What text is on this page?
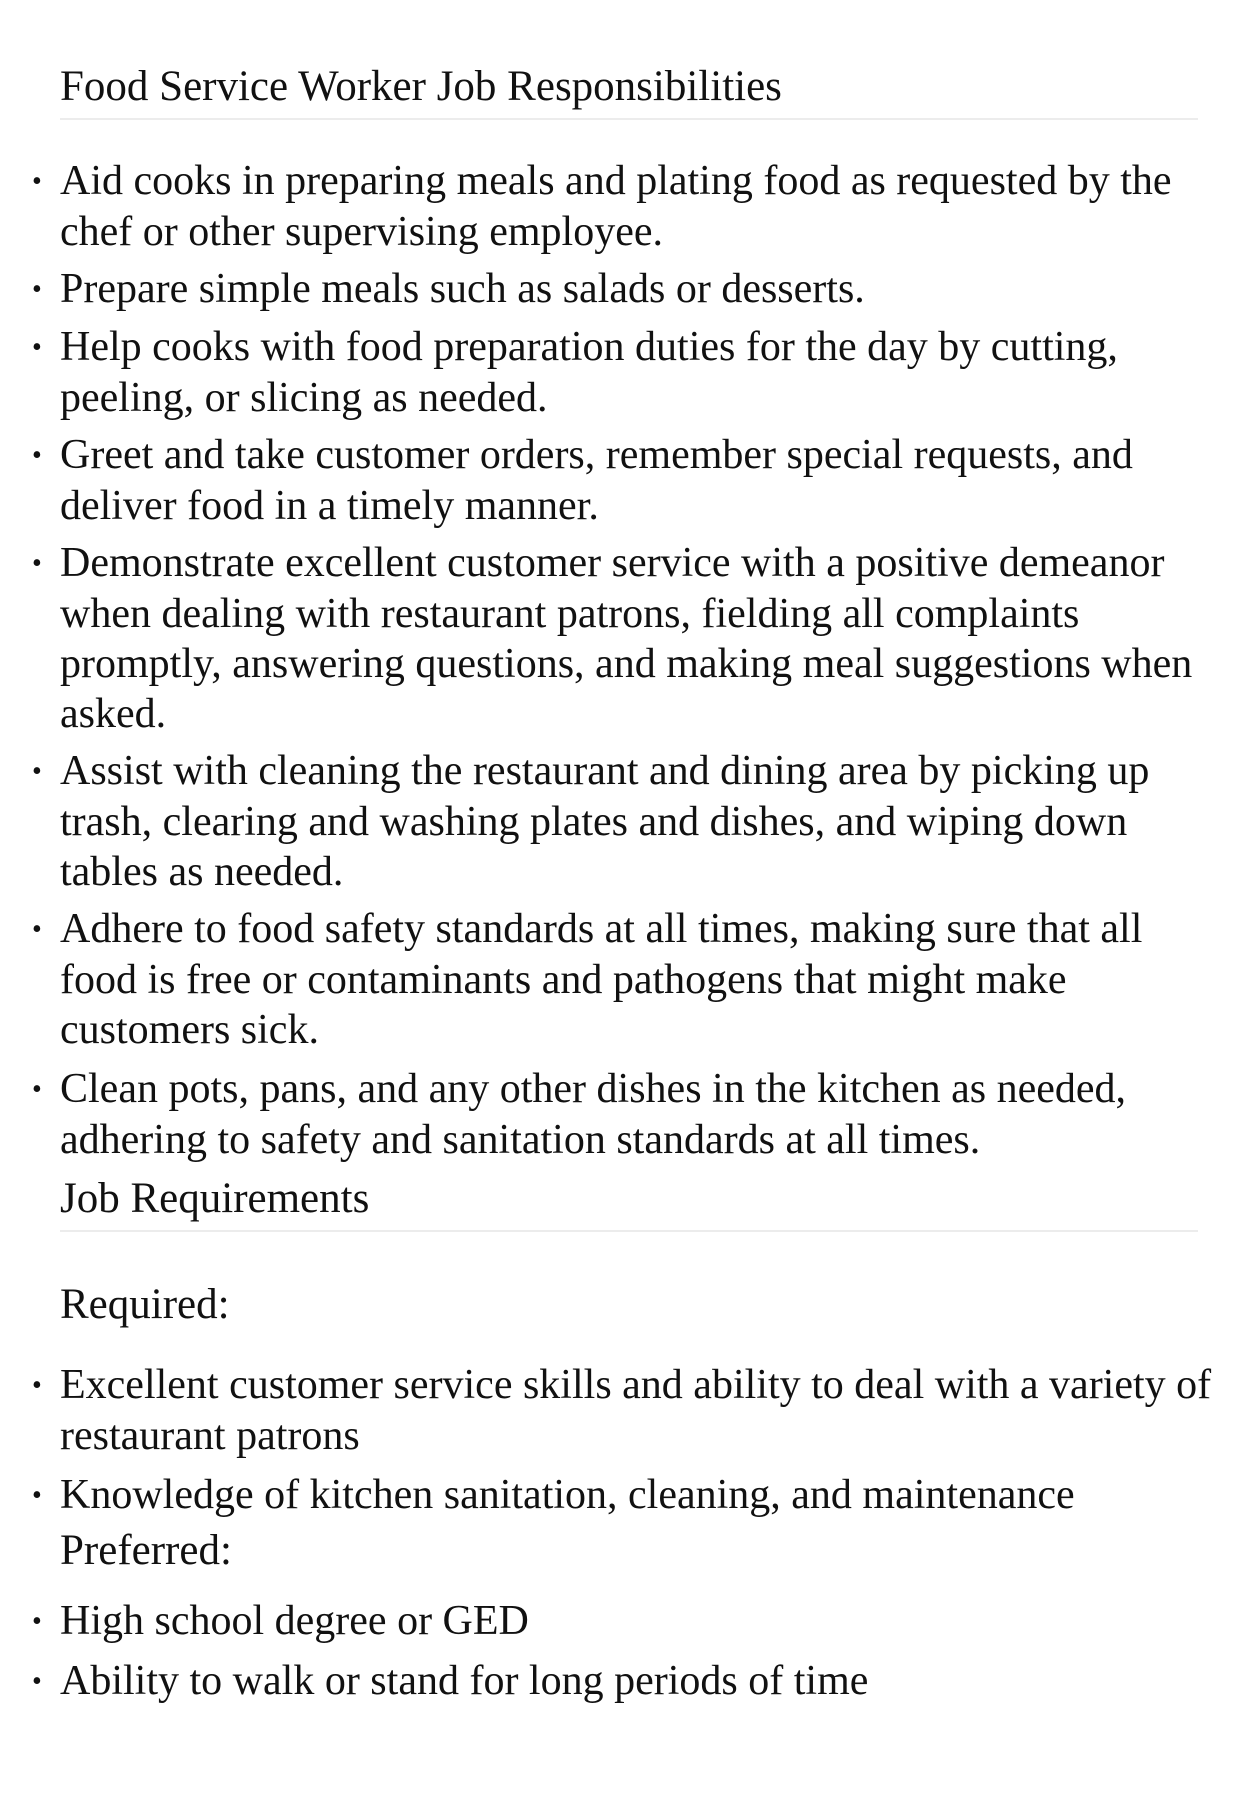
Food Service Worker Job Responsibilities
• Aid cooks in preparing meals and plating food as requested by the chef or other supervising employee.
• Prepare simple meals such as salads or desserts.
• Help cooks with food preparation duties for the day by cutting, peeling, or slicing as needed.
• Greet and take customer orders, remember special requests, and deliver food in a timely manner.
• Demonstrate excellent customer service with a positive demeanor when dealing with restaurant patrons, fielding all complaints promptly, answering questions, and making meal suggestions when asked.
• Assist with cleaning the restaurant and dining area by picking up trash, clearing and washing plates and dishes, and wiping down tables as needed.
• Adhere to food safety standards at all times, making sure that all food is free or contaminants and pathogens that might make customers sick.
• Clean pots, pans, and any other dishes in the kitchen as needed, adhering to safety and sanitation standards at all times.
Job Requirements
Required:
• Excellent customer service skills and ability to deal with a variety of restaurant patrons
• Knowledge of kitchen sanitation, cleaning, and maintenance
Preferred:
• High school degree or GED
• Ability to walk or stand for long periods of time
